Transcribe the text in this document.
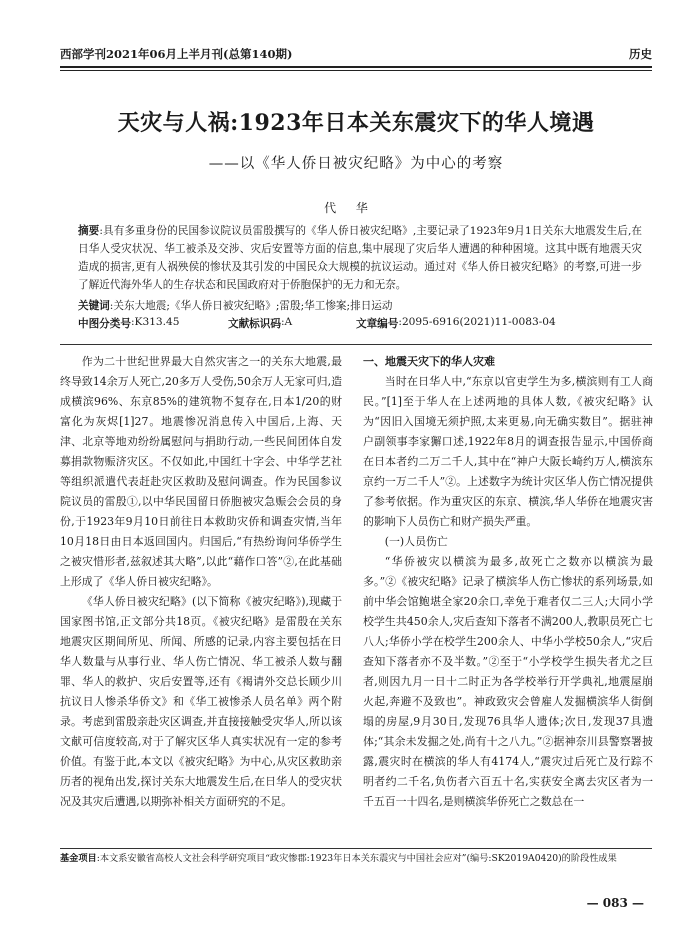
西部学刊2021年06月上半月刊(总第140期)	历史
天灾与人祸:1923年日本关东震灾下的华人境遇
——以《华人侨日被灾纪略》为中心的考察
代 华
摘要:具有多重身份的民国参议院议员雷殷撰写的《华人侨日被灾纪略》,主要记录了1923年9月1日关东大地震发生后,在日华人受灾状况、华工被杀及交涉、灾后安置等方面的信息,集中展现了灾后华人遭遇的种种困境。这其中既有地震天灾造成的损害,更有人祸殃侯的惨状及其引发的中国民众大规模的抗议运动。通过对《华人侨日被灾纪略》的考察,可进一步了解近代海外华人的生存状态和民国政府对于侨胞保护的无力和无奈。
关键词:关东大地震;《华人侨日被灾纪略》;雷殷;华工惨案;排日运动
中图分类号 :K313.45	文献标识码 :A	文章编号 :2095-6916(2021)11-0083-04

作为二十世纪世界最大自然灾害之一的关东大地震,最终导致14余万人死亡,20多万人受伤,50余万人无家可归,造成横滨96%、东京85%的建筑物不复存在,日本1/20的财富化为灰烬[1]27。地震惨况消息传入中国后,上海、天津、北京等地劝纷纷属慰问与捐助行动,一些民间团体自发募捐款物赈济灾区。不仅如此,中国红十字会、中华学艺社等组织派遣代表赶赴灾区救助及慰问调查。作为民国参议院议员的雷殷①,以中华民国留日侨胞被灾急赈会会员的身份,于1923年9月10日前往日本救助灾侨和调查灾情,当年10月18日由日本返回国内。归国后,“有热纷询问华侨学生之被灾惜形者,兹叙述其大略”,以此“藉作口答”②,在此基础上形成了《华人侨日被灾纪略》。

《华人侨日被灾纪略》(以下简称《被灾纪略》),现藏于国家图书馆,正文部分共18页。《被灾纪略》是雷殷在关东地震灾区期间所见、所闻、所感的记录,内容主要包括在日华人数量与从事行业、华人伤亡情况、华工被杀人数与翻罪、华人的救护、灾后安置等,还有《褐请外交总长顾少川抗议日人惨杀华侨文》和《华工被惨杀人员名单》两个附录。考虑到雷殷亲赴灾区调查,并直接接触受灾华人,所以该文献可信度较高,对于了解灾区华人真实状况有一定的参考价值。有鉴于此,本文以《被灾纪略》为中心,从灾区救助亲历者的视角出发,探讨关东大地震发生后,在日华人的受灾状况及其灾后遭遇,以期弥补相关方面研究的不足。

一、地震天灾下的华人灾难

当时在日华人中,“东京以官吏学生为多,横滨则有工人商民。”[1]至于华人在上述两地的具体人数,《被灾纪略》认为“因旧入国境无须护照,太来更易,向无确实数目”。据驻神户副领事李家獬口述,1922年8月的调查报告显示,中国侨商在日本者约二万二千人,其中在“神户大阪长崎约万人,横滨东京约一万二千人”②。上述数字为统计灾区华人伤亡情况提供了参考依据。作为重灾区的东京、横滨,华人华侨在地震灾害的影响下人员伤亡和财产损失严重。

(一)人员伤亡

“华侨被灾以横滨为最多,故死亡之数亦以横滨为最多。”②《被灾纪略》记录了横滨华人伤亡惨状的系列场景,如前中华会馆鲍堪全家20余口,幸免于难者仅二三人;大同小学校学生共450余人,灾后查知下落者不满200人,教职员死亡七八人;华侨小学在校学生200余人、中华小学校50余人,“灾后查知下落者亦不及半数。”②至于“小学校学生损失者尤之巨者,则因九月一日十二时正为各学校举行开学典礼,地震屋崩火起,奔避不及致也”。神政致灾会曾雇人发掘横滨华人街倒塌的房屋,9月30日,发现76具华人遗体;次日,发现37具遗体;“其余未发掘之处,尚有十之八九。”②据神奈川县警察署披露,震灾时在横滨的华人有4174人,“震灾过后死亡及行踪不明者约二千名,负伤者六百五十名,实获安全离去灾区者为一千五百一十四名,是则横滨华侨死亡之数总在一

基金项目:本文系安徽省高校人文社会科学研究项目“政灾惨郡:1923年日本关东震灾与中国社会应对”(编号:SK2019A0420)的阶段性成果
— 083 —
